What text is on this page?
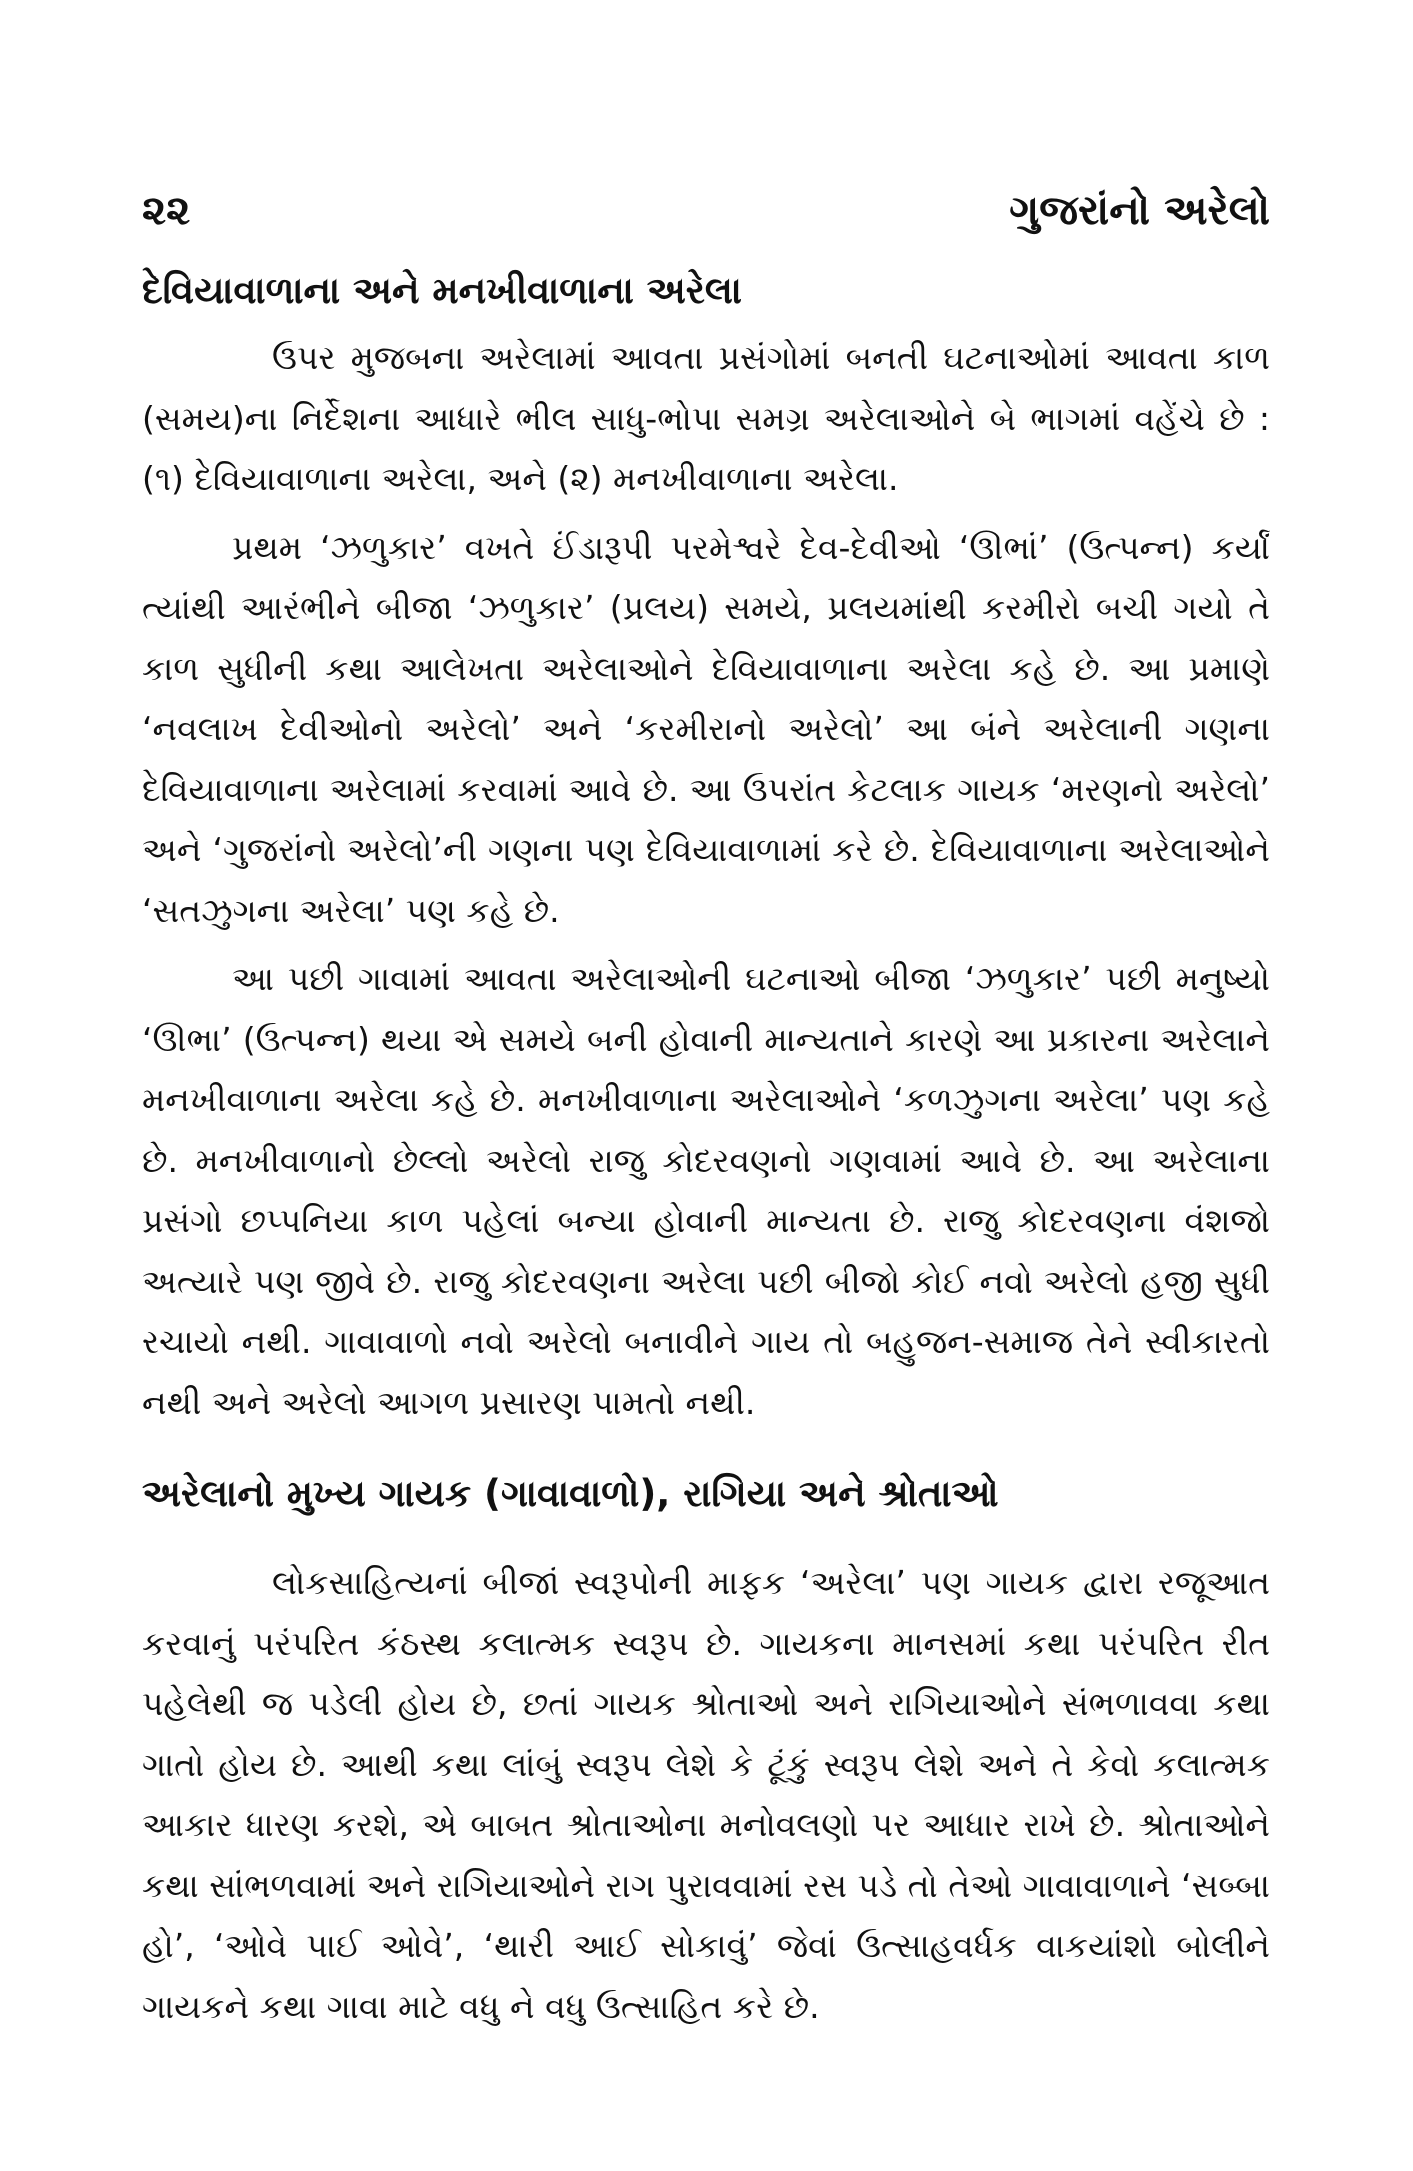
૨૨	ગુજરાંનો અરેલો
દેવિયાવાળાના અને મનખીવાળાના અરેલા

ઉપર મુજબના અરેલામાં આવતા પ્રસંગોમાં બનતી ઘટનાઓમાં આવતા કાળ (સમય)ના નિર્દેશના આધારે ભીલ સાધુ-ભોપા સમગ્ર અરેલાઓને બે ભાગમાં વહેંચે છે : (૧) દેવિયાવાળાના અરેલા, અને (૨) મનખીવાળાના અરેલા.

પ્રથમ ‘ઝળુકાર’ વખતે ઈંડારૂપી પરમેશ્વરે દેવ-દેવીઓ ‘ઊભાં’ (ઉત્પન્ન) કર્યાં ત્યાંથી આરંભીને બીજા ‘ઝળુકાર’ (પ્રલય) સમયે, પ્રલયમાંથી કરમીરો બચી ગયો તે કાળ સુધીની કથા આલેખતા અરેલાઓને દેવિયાવાળાના અરેલા કહે છે. આ પ્રમાણે ‘નવલાખ દેવીઓનો અરેલો’ અને ‘કરમીરાનો અરેલો’ આ બંને અરેલાની ગણના દેવિયાવાળાના અરેલામાં કરવામાં આવે છે. આ ઉપરાંત કેટલાક ગાયક ‘મરણનો અરેલો’ અને ‘ગુજરાંનો અરેલો’ની ગણના પણ દેવિયાવાળામાં કરે છે. દેવિયાવાળાના અરેલાઓને ‘સતઝુગના અરેલા’ પણ કહે છે.

આ પછી ગાવામાં આવતા અરેલાઓની ઘટનાઓ બીજા ‘ઝળુકાર’ પછી મનુષ્યો ‘ઊભા’ (ઉત્પન્ન) થયા એ સમયે બની હોવાની માન્યતાને કારણે આ પ્રકારના અરેલાને મનખીવાળાના અરેલા કહે છે. મનખીવાળાના અરેલાઓને ‘કળઝુગના અરેલા’ પણ કહે છે. મનખીવાળાનો છેલ્લો અરેલો રાજુ કોદરવણનો ગણવામાં આવે છે. આ અરેલાના પ્રસંગો છપ્પનિયા કાળ પહેલાં બન્યા હોવાની માન્યતા છે. રાજુ કોદરવણના વંશજો અત્યારે પણ જીવે છે. રાજુ કોદરવણના અરેલા પછી બીજો કોઈ નવો અરેલો હજી સુધી રચાયો નથી. ગાવાવાળો નવો અરેલો બનાવીને ગાય તો બહુજન-સમાજ તેને સ્વીકારતો નથી અને અરેલો આગળ પ્રસારણ પામતો નથી.

અરેલાનો મુખ્ય ગાયક (ગાવાવાળો), રાગિયા અને શ્રોતાઓ

લોકસાહિત્યનાં બીજાં સ્વરૂપોની માફક ‘અરેલા’ પણ ગાયક દ્વારા રજૂઆત કરવાનું પરંપરિત કંઠસ્થ કલાત્મક સ્વરૂપ છે. ગાયકના માનસમાં કથા પરંપરિત રીત પહેલેથી જ પડેલી હોય છે, છતાં ગાયક શ્રોતાઓ અને રાગિયાઓને સંભળાવવા કથા ગાતો હોય છે. આથી કથા લાંબું સ્વરૂપ લેશે કે ટૂંકું સ્વરૂપ લેશે અને તે કેવો કલાત્મક આકાર ધારણ કરશે, એ બાબત શ્રોતાઓના મનોવલણો પર આધાર રાખે છે. શ્રોતાઓને કથા સાંભળવામાં અને રાગિયાઓને રાગ પુરાવવામાં રસ પડે તો તેઓ ગાવાવાળાને ‘સબ્બા હો’, ‘ઓવે પાઈ ઓવે’, ‘થારી આઈ સોકાવું’ જેવાં ઉત્સાહવર્ધક વાકયાંશો બોલીને ગાયકને કથા ગાવા માટે વધુ ને વધુ ઉત્સાહિત કરે છે.
